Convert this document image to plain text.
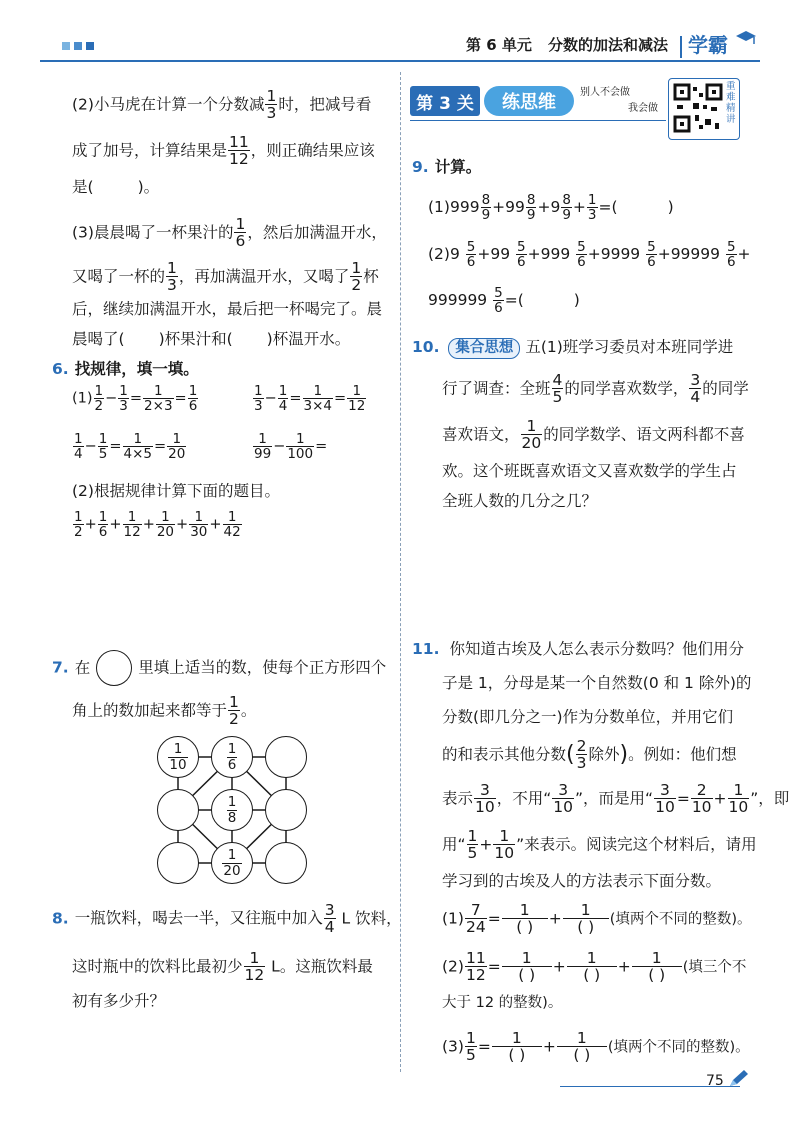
第 6 单元 分数的加法和减法 学霸
(2)小马虎在计算一个分数减 $\frac{1}{3}$ 时，把减号看
成了加号，计算结果是 $\frac{11}{12}$ ，则正确结果应该
是(	)。
(3)晨晨喝了一杯果汁的 $\frac{1}{6}$ ，然后加满温开水，
又喝了一杯的 $\frac{1}{3}$ ，再加满温开水，又喝了 $\frac{1}{2}$ 杯
后，继续加满温开水，最后把一杯喝完了。晨
晨喝了( )杯果汁和( )杯温开水。
6. 找规律，填一填。
$(1) \frac{1}{2} - \frac{1}{3} = \frac{1}{2\times 3} = \frac{1}{6}$	$\frac{1}{3} - \frac{1}{4} = \frac{1}{3\times 4} = \frac{1}{12}$
$\frac{1}{4} - \frac{1}{5} = \frac{1}{4\times 5} = \frac{1}{20}$	$\frac{1}{99} - \frac{1}{100}$ =
(2)根据规律计算下面的题目。
$\frac{1}{2} + \frac{1}{6} + \frac{1}{12} + \frac{1}{20} + \frac{1}{30} + \frac{1}{42}$
7. 在	里填上适当的数，使每个正方形四个
角上的数加起来都等于 $\frac{1}{2}$ 。
$\frac{1}{10}$	$\frac{1}{6}$
$\frac{1}{8}$
$\frac{1}{20}$
8. 一瓶饮料，喝去一半，又往瓶中加入 $\frac{3}{4}$ L 饮料，
这时瓶中的饮料比最初少 $\frac{1}{12}$ L。这瓶饮料最
初有多少升？
第 3 关 练思维 别人不会做
我会做
重难精讲
9. 计算。
$(1)999 \frac{8}{9} +99 \frac{8}{9} +9 \frac{8}{9} + \frac{1}{3}$ =(	)
$(2)9 \frac{5}{6} +99 \frac{5}{6} +999 \frac{5}{6} +9999 \frac{5}{6} +99999 \frac{5}{6}$ +
$999999 \frac{5}{6}$ =(	)
10. 集合思想 五(1)班学习委员对本班同学进
行了调查：全班 $\frac{4}{5}$ 的同学喜欢数学， $\frac{3}{4}$ 的同学
喜欢语文， $\frac{1}{20}$ 的同学数学、语文两科都不喜
欢。这个班既喜欢语文又喜欢数学的学生占
全班人数的几分之几？
11. 你知道古埃及人怎么表示分数吗？他们用分
子是 1，分母是某一个自然数(0 和 1 除外)的
分数(即几分之一)作为分数单位，并用它们
的和表示其他分数( $\frac{2}{3}$ 除外)。例如：他们想
表示 $\frac{3}{10}$ ，不用“ $\frac{3}{10}$ ”，而是用“ $\frac{3}{10} = \frac{2}{10} + \frac{1}{10}$ ”，即
用“ $\frac{1}{5} + \frac{1}{10}$ ”来表示。阅读完这个材料后，请用
学习到的古埃及人的方法表示下面分数。
$(1) \frac{7}{24} = \frac{1}{( )} + \frac{1}{( )}$ (填两个不同的整数)。
$(2) \frac{11}{12} = \frac{1}{( )} + \frac{1}{( )} + \frac{1}{( )}$ (填三个不
大于 12 的整数)。
$(3) \frac{1}{5} = \frac{1}{( )} + \frac{1}{( )}$ (填两个不同的整数)。
75
